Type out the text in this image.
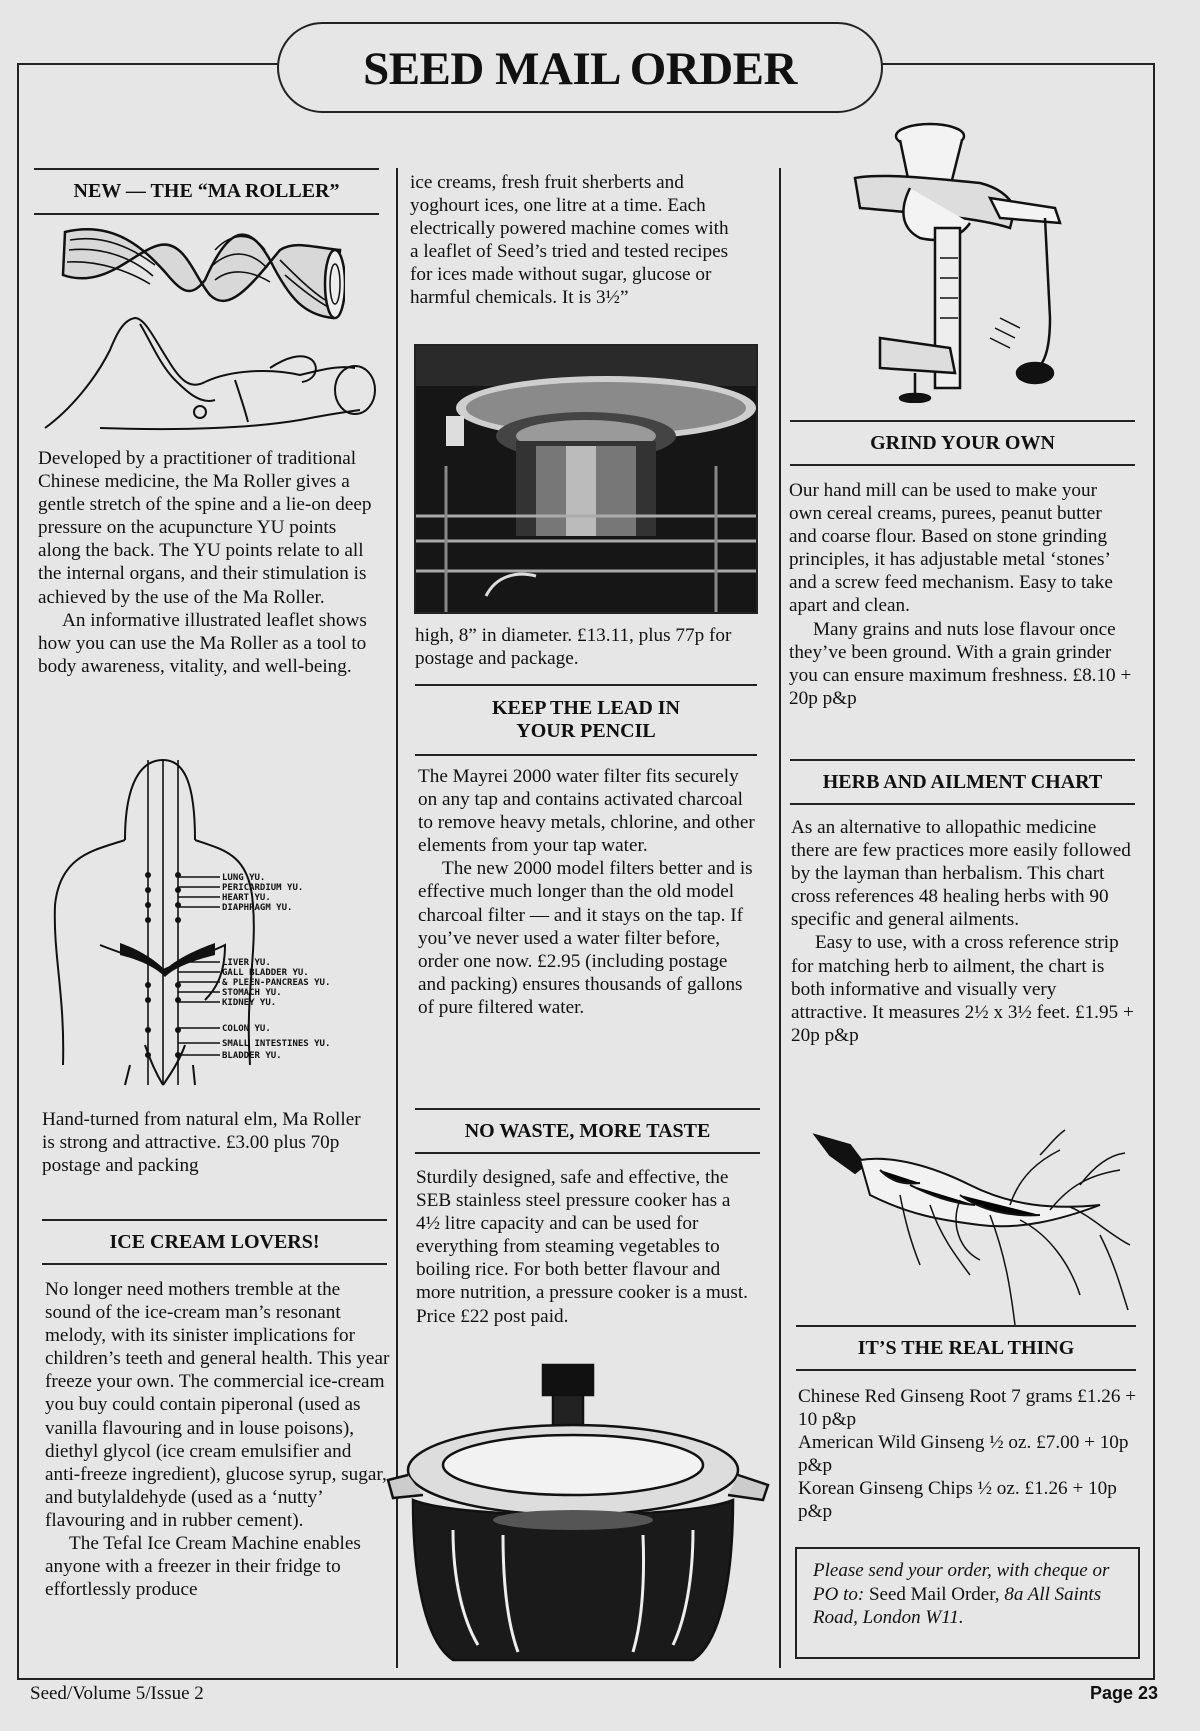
SEED MAIL ORDER
NEW — THE “MA ROLLER”

Developed by a practitioner of traditional Chinese medicine, the Ma Roller gives a gentle stretch of the spine and a lie-on deep pressure on the acupuncture YU points along the back. The YU points relate to all the internal organs, and their stimulation is achieved by the use of the Ma Roller.

An informative illustrated leaflet shows how you can use the Ma Roller as a tool to body awareness, vitality, and well-being.

LUNG YU.
PERICARDIUM YU.
HEART YU.
DIAPHRAGM YU.
LIVER YU.
GALL BLADDER YU.
& PLEEN-PANCREAS YU.
STOMACH YU.
KIDNEY YU.
COLON YU.
SMALL INTESTINES YU.
BLADDER YU.
Hand-turned from natural elm, Ma Roller is strong and attractive. £3.00 plus 70p postage and packing
ICE CREAM LOVERS!

No longer need mothers tremble at the sound of the ice-cream man’s resonant melody, with its sinister implications for children’s teeth and general health. This year freeze your own. The commercial ice-cream you buy could contain piperonal (used as vanilla flavouring and in louse poisons), diethyl glycol (ice cream emulsifier and anti-freeze ingredient), glucose syrup, sugar, and butylaldehyde (used as a ‘nutty’ flavouring and in rubber cement).

The Tefal Ice Cream Machine enables anyone with a freezer in their fridge to effortlessly produce

ice creams, fresh fruit sherberts and yoghourt ices, one litre at a time. Each electrically powered machine comes with a leaflet of Seed’s tried and tested recipes for ices made without sugar, glucose or harmful chemicals. It is 3½”
high, 8” in diameter. £13.11, plus 77p for postage and package.
KEEP THE LEAD IN
YOUR PENCIL

The Mayrei 2000 water filter fits securely on any tap and contains activated charcoal to remove heavy metals, chlorine, and other elements from your tap water.

The new 2000 model filters better and is effective much longer than the old model charcoal filter — and it stays on the tap. If you’ve never used a water filter before, order one now. £2.95 (including postage and packing) ensures thousands of gallons of pure filtered water.

NO WASTE, MORE TASTE
Sturdily designed, safe and effective, the SEB stainless steel pressure cooker has a 4½ litre capacity and can be used for everything from steaming vegetables to boiling rice. For both better flavour and more nutrition, a pressure cooker is a must. Price £22 post paid.
GRIND YOUR OWN

Our hand mill can be used to make your own cereal creams, purees, peanut butter and coarse flour. Based on stone grinding principles, it has adjustable metal ‘stones’ and a screw feed mechanism. Easy to take apart and clean.

Many grains and nuts lose flavour once they’ve been ground. With a grain grinder you can ensure maximum freshness. £8.10 + 20p p&p

HERB AND AILMENT CHART

As an alternative to allopathic medicine there are few practices more easily followed by the layman than herbalism. This chart cross references 48 healing herbs with 90 specific and general ailments.

Easy to use, with a cross reference strip for matching herb to ailment, the chart is both informative and visually very attractive. It measures 2½ x 3½ feet. £1.95 + 20p p&p

IT’S THE REAL THING

Chinese Red Ginseng Root 7 grams £1.26 + 10 p&p

American Wild Ginseng ½ oz. £7.00 + 10p p&p

Korean Ginseng Chips ½ oz. £1.26 + 10p p&p

Please send your order, with cheque or PO to: Seed Mail Order, 8a All Saints Road, London W11.
Seed/Volume 5/Issue 2	Page 23
